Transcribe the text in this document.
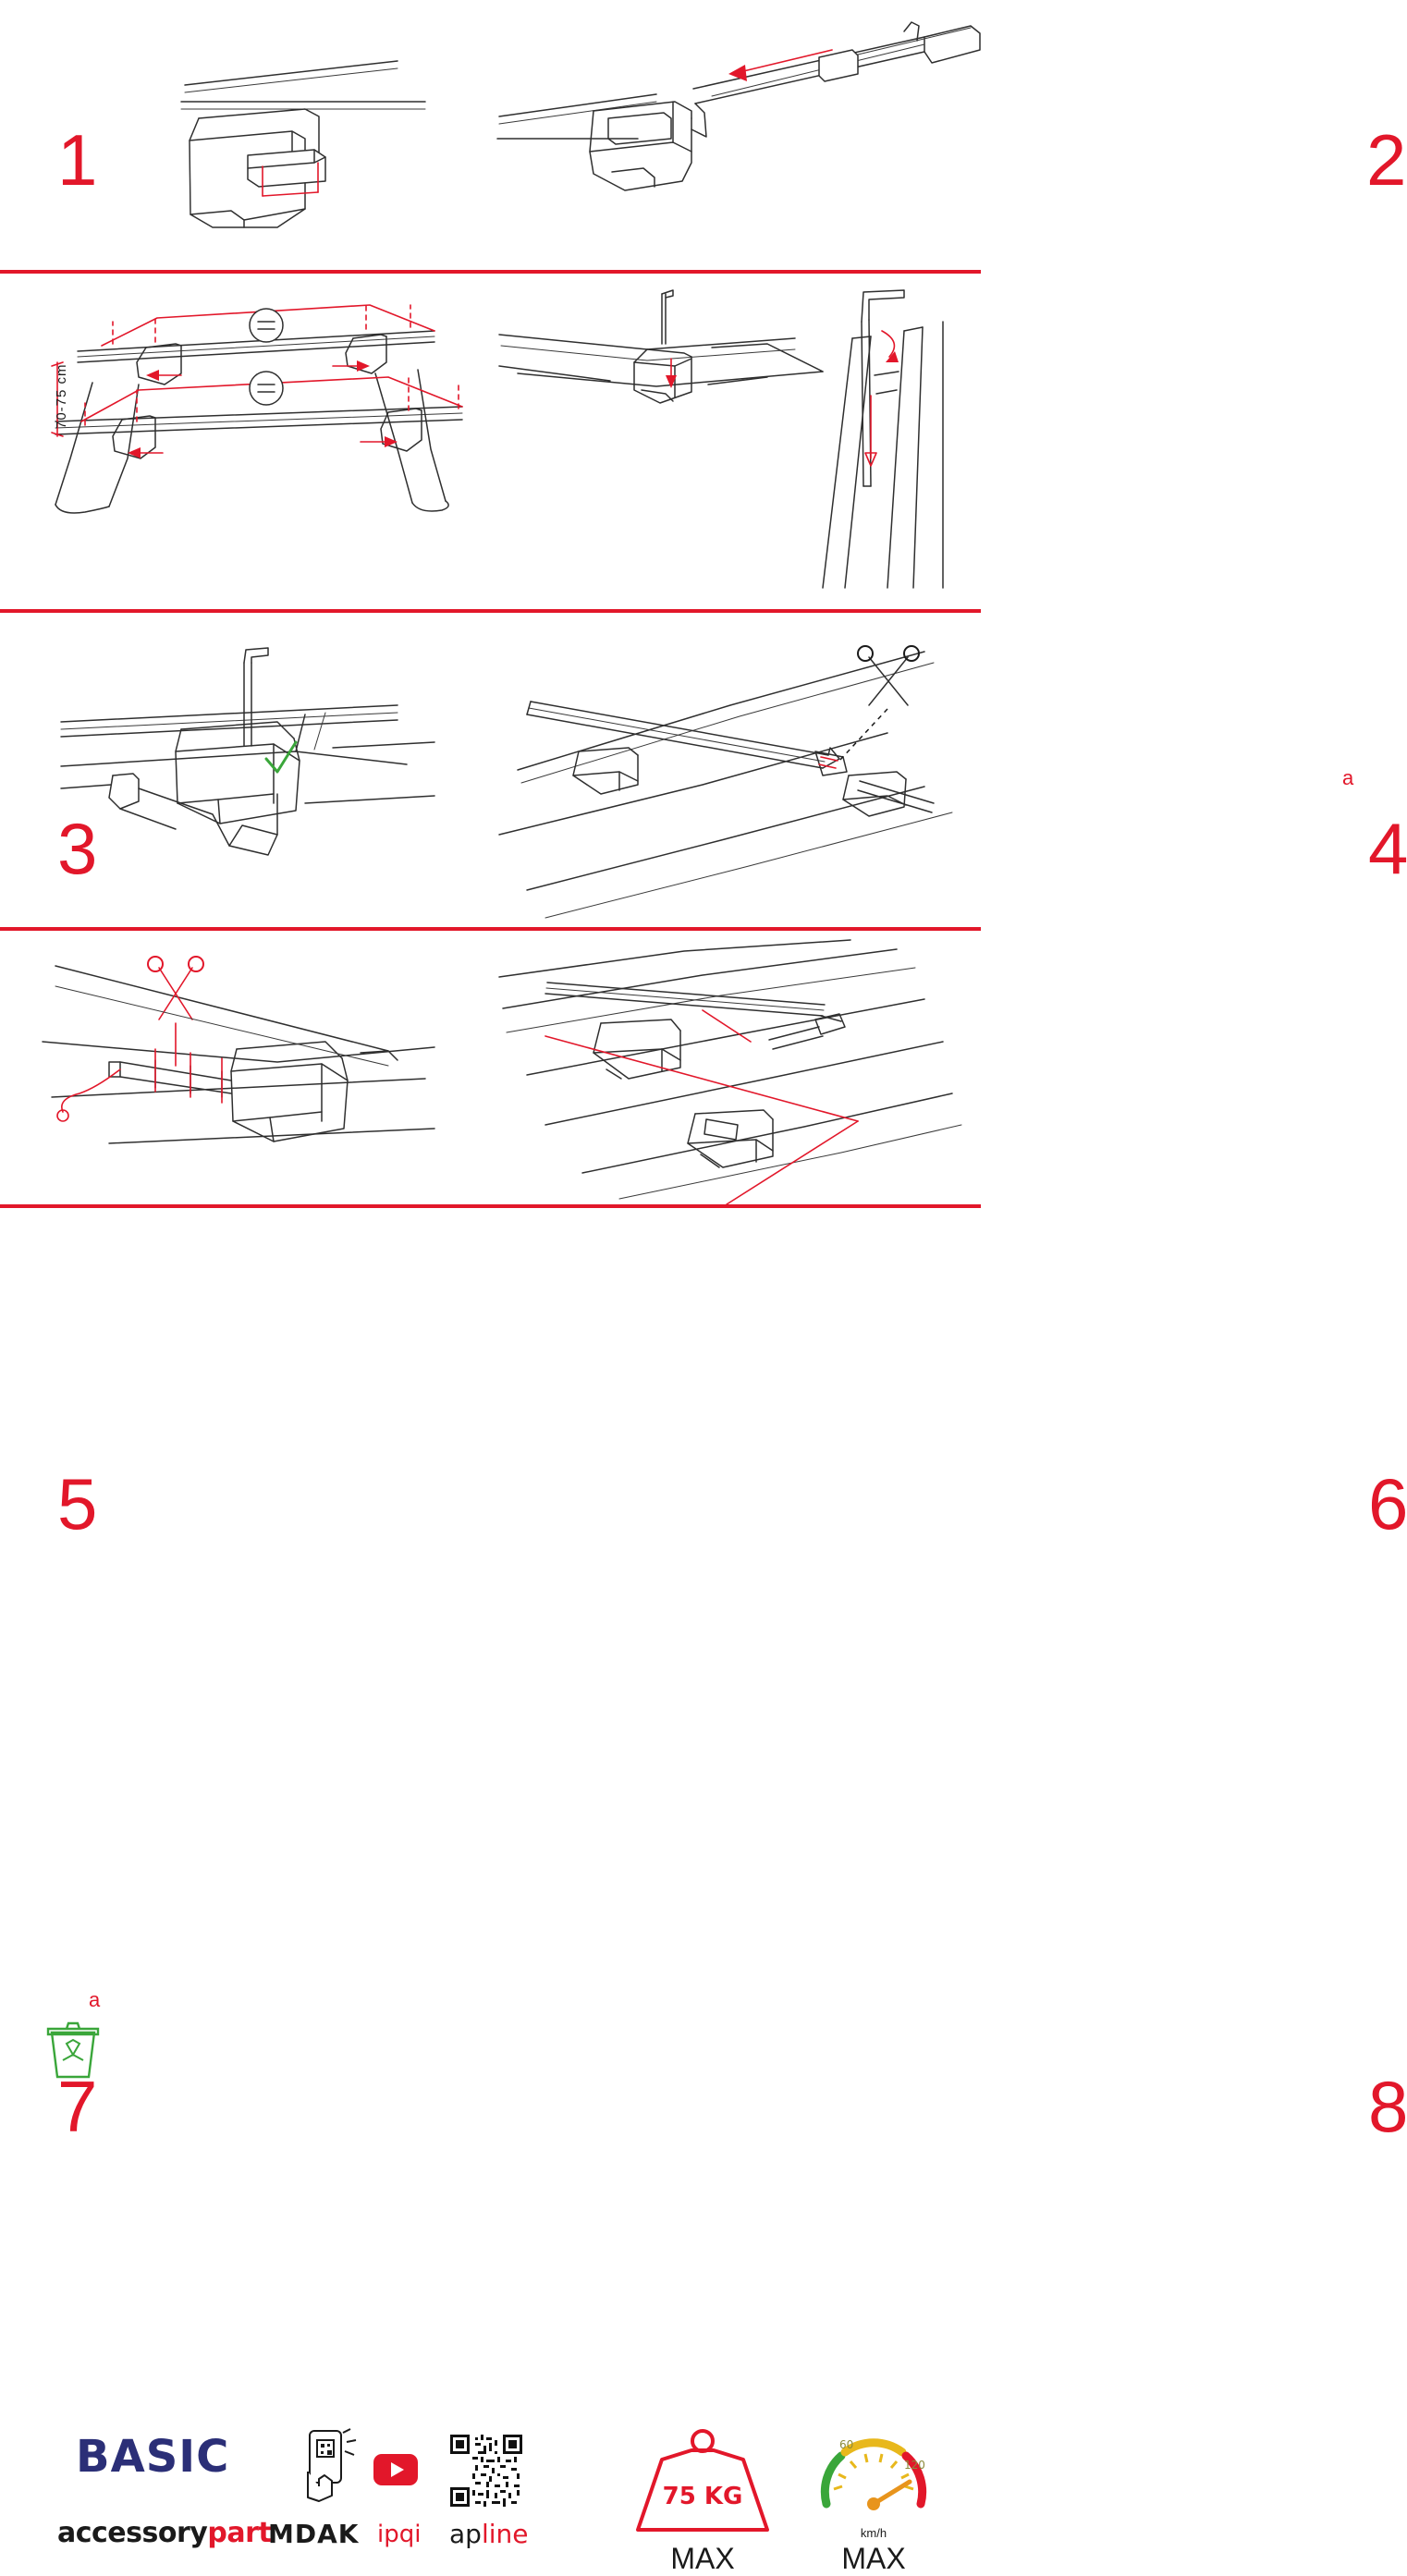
1	2
70-75 cm
3	4
5
a
6
a
7	8
BASIC
accessorypart
MDAK ipqi apline
75 KG
MAX
60
120
km/h
MAX
